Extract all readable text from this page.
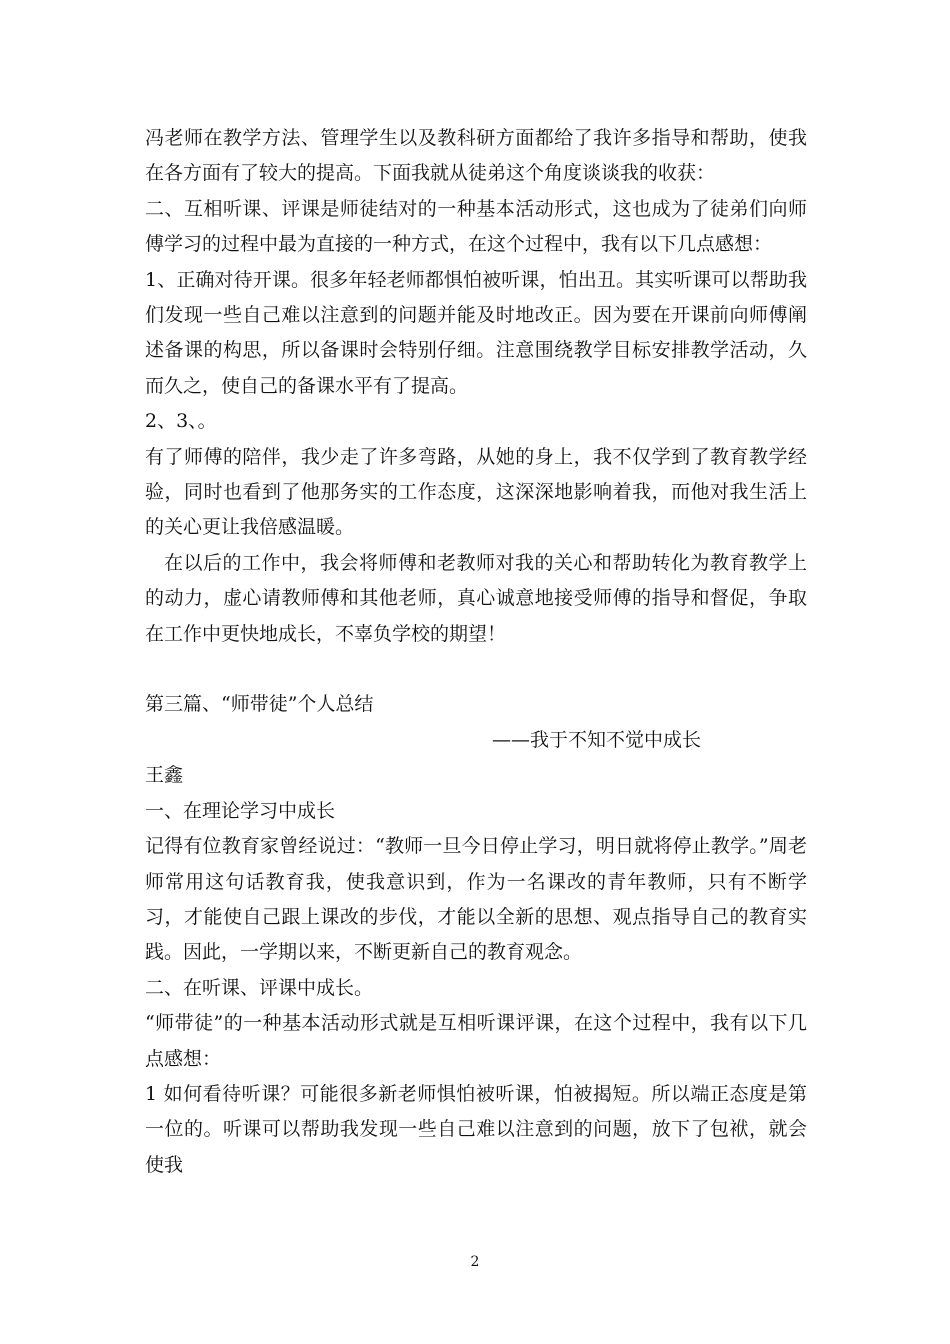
冯老师在教学方法、管理学生以及教科研方面都给了我许多指导和帮助，使我在各方面有了较大的提高。下面我就从徒弟这个角度谈谈我的收获：

二、互相听课、评课是师徒结对的一种基本活动形式，这也成为了徒弟们向师傅学习的过程中最为直接的一种方式，在这个过程中，我有以下几点感想：

1、正确对待开课。很多年轻老师都惧怕被听课，怕出丑。其实听课可以帮助我们发现一些自己难以注意到的问题并能及时地改正。因为要在开课前向师傅阐述备课的构思，所以备课时会特别仔细。注意围绕教学目标安排教学活动，久而久之，使自己的备课水平有了提高。

2、3、。

有了师傅的陪伴，我少走了许多弯路，从她的身上，我不仅学到了教育教学经验，同时也看到了他那务实的工作态度，这深深地影响着我，而他对我生活上的关心更让我倍感温暖。

在以后的工作中，我会将师傅和老教师对我的关心和帮助转化为教育教学上的动力，虚心请教师傅和其他老师，真心诚意地接受师傅的指导和督促，争取在工作中更快地成长，不辜负学校的期望！

第三篇、“师带徒”个人总结

——我于不知不觉中成长

王鑫

一、在理论学习中成长

记得有位教育家曾经说过：“教师一旦今日停止学习，明日就将停止教学。”周老师常用这句话教育我，使我意识到，作为一名课改的青年教师，只有不断学习，才能使自己跟上课改的步伐，才能以全新的思想、观点指导自己的教育实践。因此，一学期以来，不断更新自己的教育观念。

二、在听课、评课中成长。

“师带徒”的一种基本活动形式就是互相听课评课，在这个过程中，我有以下几点感想：

1 如何看待听课？可能很多新老师惧怕被听课，怕被揭短。所以端正态度是第一位的。听课可以帮助我发现一些自己难以注意到的问题，放下了包袱，就会使我

2
